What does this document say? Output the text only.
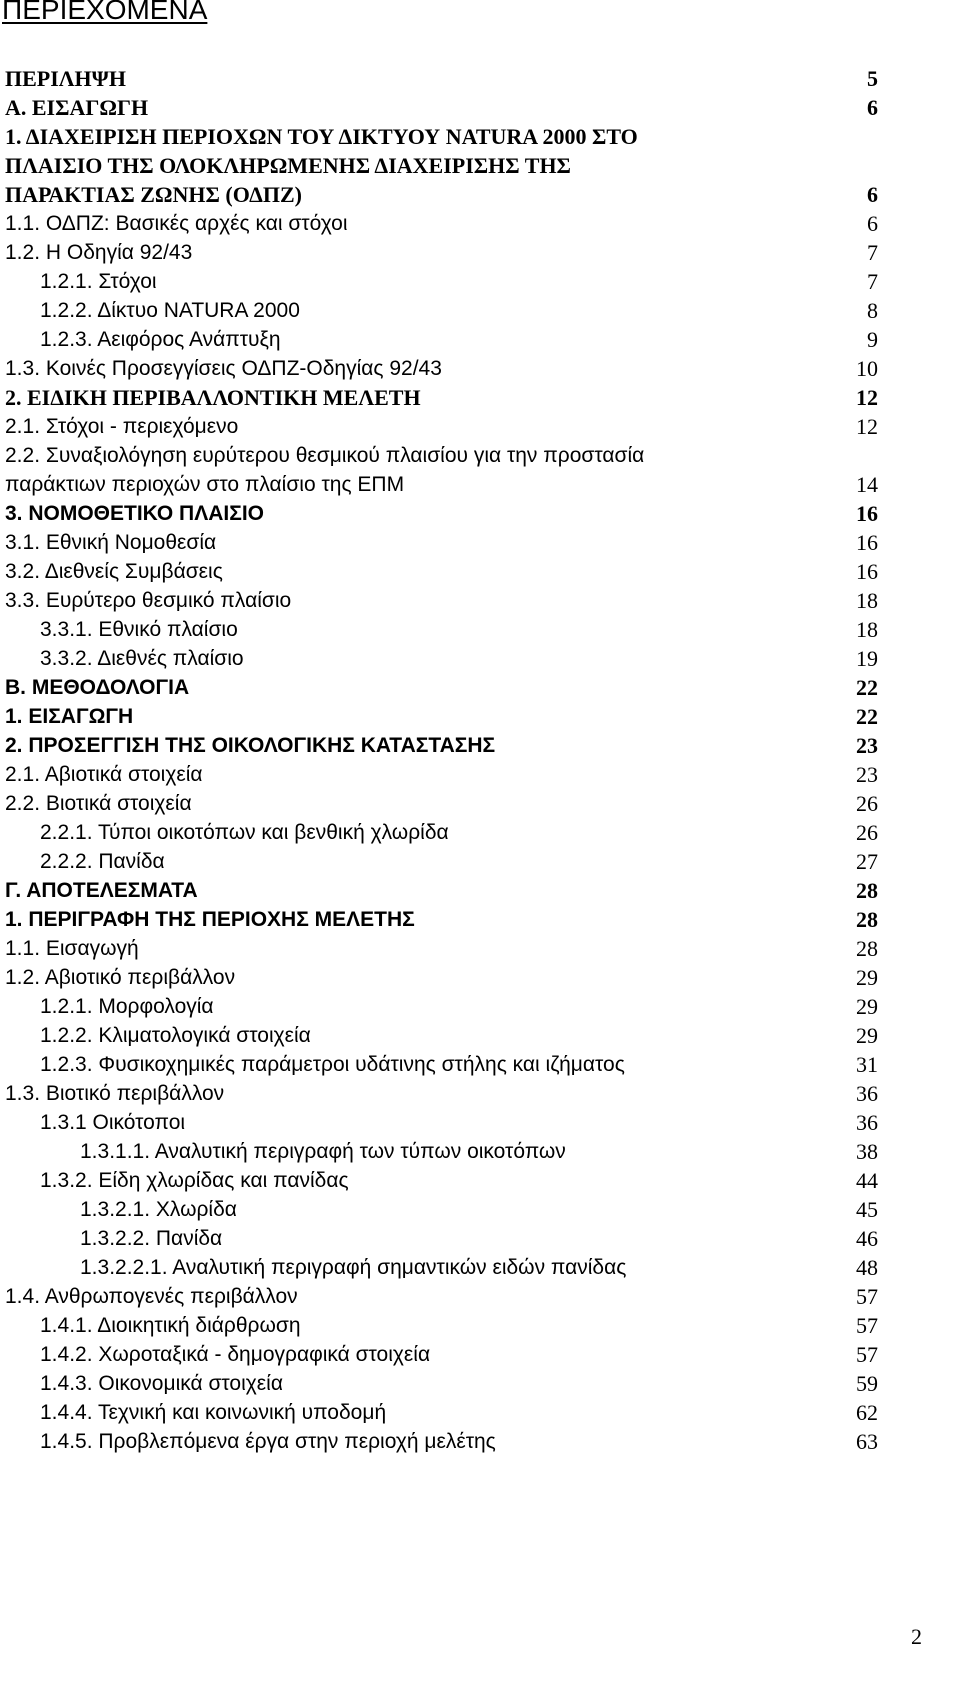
ΠΕΡΙΕΧΟΜΕΝΑ
ΠΕΡΙΛΗΨΗ	5
Α. ΕΙΣΑΓΩΓΗ	6
1. ΔΙΑΧΕΙΡΙΣΗ ΠΕΡΙΟΧΩΝ ΤΟΥ ΔΙΚΤΥΟΥ NATURA 2000 ΣΤΟ
ΠΛΑΙΣΙΟ ΤΗΣ ΟΛΟΚΛΗΡΩΜΕΝΗΣ ΔΙΑΧΕΙΡΙΣΗΣ ΤΗΣ
ΠΑΡΑΚΤΙΑΣ ΖΩΝΗΣ (ΟΔΠΖ)	6
1.1. ΟΔΠΖ: Βασικές αρχές και στόχοι	6
1.2. Η Οδηγία 92/43	7
1.2.1. Στόχοι	7
1.2.2. Δίκτυο NATURA 2000	8
1.2.3. Αειφόρος Ανάπτυξη	9
1.3. Κοινές Προσεγγίσεις ΟΔΠΖ-Οδηγίας 92/43	10
2. ΕΙΔΙΚΗ ΠΕΡΙΒΑΛΛΟΝΤΙΚΗ ΜΕΛΕΤΗ	12
2.1. Στόχοι - περιεχόμενο	12
2.2. Συναξιολόγηση ευρύτερου θεσμικού πλαισίου για την προστασία
παράκτιων περιοχών στο πλαίσιο της ΕΠΜ	14
3. ΝΟΜΟΘΕΤΙΚΟ ΠΛΑΙΣΙΟ	16
3.1. Εθνική Νομοθεσία	16
3.2. Διεθνείς Συμβάσεις	16
3.3. Ευρύτερο θεσμικό πλαίσιο	18
3.3.1. Εθνικό πλαίσιο	18
3.3.2. Διεθνές πλαίσιο	19
Β. ΜΕΘΟΔΟΛΟΓΙΑ	22
1. ΕΙΣΑΓΩΓΗ	22
2. ΠΡΟΣΕΓΓΙΣΗ ΤΗΣ ΟΙΚΟΛΟΓΙΚΗΣ ΚΑΤΑΣΤΑΣΗΣ	23
2.1. Αβιοτικά στοιχεία	23
2.2. Βιοτικά στοιχεία	26
2.2.1. Τύποι οικοτόπων και βενθική χλωρίδα	26
2.2.2. Πανίδα	27
Γ. ΑΠΟΤΕΛΕΣΜΑΤΑ	28
1. ΠΕΡΙΓΡΑΦΗ ΤΗΣ ΠΕΡΙΟΧΗΣ ΜΕΛΕΤΗΣ	28
1.1. Εισαγωγή	28
1.2. Αβιοτικό περιβάλλον	29
1.2.1. Μορφολογία	29
1.2.2. Κλιματολογικά στοιχεία	29
1.2.3. Φυσικοχημικές παράμετροι υδάτινης στήλης και ιζήματος	31
1.3. Βιοτικό περιβάλλον	36
1.3.1 Οικότοποι	36
1.3.1.1. Αναλυτική περιγραφή των τύπων οικοτόπων	38
1.3.2. Είδη χλωρίδας και πανίδας	44
1.3.2.1. Χλωρίδα	45
1.3.2.2. Πανίδα	46
1.3.2.2.1. Αναλυτική περιγραφή σημαντικών ειδών πανίδας	48
1.4. Ανθρωπογενές περιβάλλον	57
1.4.1. Διοικητική διάρθρωση	57
1.4.2. Χωροταξικά - δημογραφικά στοιχεία	57
1.4.3. Οικονομικά στοιχεία	59
1.4.4. Τεχνική και κοινωνική υποδομή	62
1.4.5. Προβλεπόμενα έργα στην περιοχή μελέτης	63
2
